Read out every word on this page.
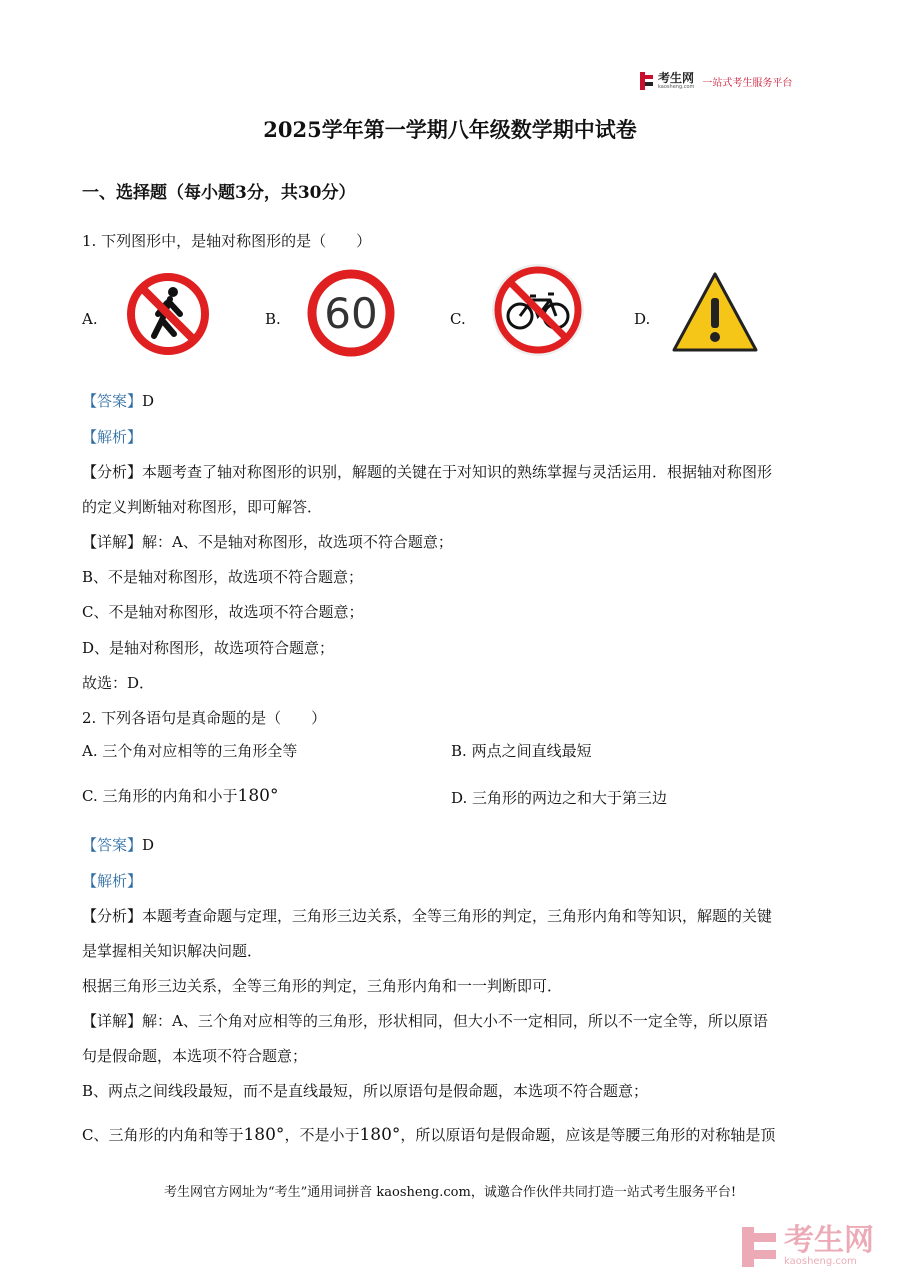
考生网
kaosheng.com 一站式考生服务平台
2025学年第一学期八年级数学期中试卷
一、选择题（每小题3分，共30分）
1. 下列图形中，是轴对称图形的是（　　）
A.	B. 60	C.	D.
【答案】D
【解析】
【分析】本题考查了轴对称图形的识别，解题的关键在于对知识的熟练掌握与灵活运用．根据轴对称图形
的定义判断轴对称图形，即可解答．
【详解】解：A、不是轴对称图形，故选项不符合题意；
B、不是轴对称图形，故选项不符合题意；
C、不是轴对称图形，故选项不符合题意；
D、是轴对称图形，故选项符合题意；
故选：D．
2. 下列各语句是真命题的是（　　）
A. 三个角对应相等的三角形全等	B. 两点之间直线最短
C. 三角形的内角和小于180°	D. 三角形的两边之和大于第三边
【答案】D
【解析】
【分析】本题考查命题与定理，三角形三边关系，全等三角形的判定，三角形内角和等知识，解题的关键
是掌握相关知识解决问题．
根据三角形三边关系，全等三角形的判定，三角形内角和一一判断即可．
【详解】解：A、三个角对应相等的三角形，形状相同，但大小不一定相同，所以不一定全等，所以原语
句是假命题，本选项不符合题意；
B、两点之间线段最短，而不是直线最短，所以原语句是假命题，本选项不符合题意；
C、三角形的内角和等于180°，不是小于180°，所以原语句是假命题，应该是等腰三角形的对称轴是顶
考生网官方网址为“考生”通用词拼音 kaosheng.com，诚邀合作伙伴共同打造一站式考生服务平台!
考生网
kaosheng.com
